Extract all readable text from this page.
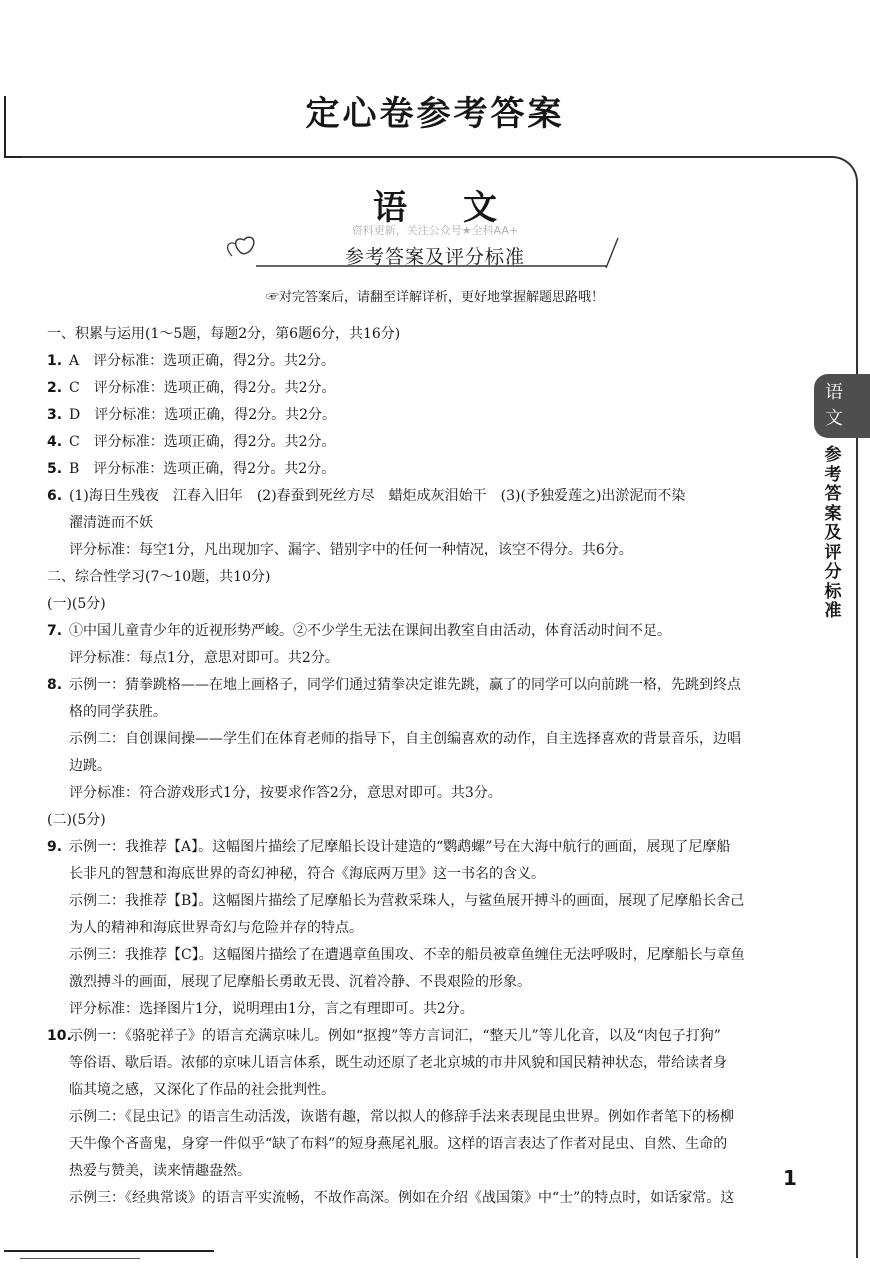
定心卷参考答案
语文
资料更新，关注公众号★全科AA+
参考答案及评分标准
☞对完答案后，请翻至详解详析，更好地掌握解题思路哦！
一、积累与运用(1～5题，每题2分，第6题6分，共16分)
1. A　评分标准：选项正确，得2分。共2分。
2. C　评分标准：选项正确，得2分。共2分。
3. D　评分标准：选项正确，得2分。共2分。
4. C　评分标准：选项正确，得2分。共2分。
5. B　评分标准：选项正确，得2分。共2分。
6. (1)海日生残夜　江春入旧年　(2)春蚕到死丝方尽　蜡炬成灰泪始干　(3)(予独爱莲之)出淤泥而不染
濯清涟而不妖
评分标准：每空1分，凡出现加字、漏字、错别字中的任何一种情况，该空不得分。共6分。
二、综合性学习(7～10题，共10分)
(一)(5分)
7. ①中国儿童青少年的近视形势严峻。②不少学生无法在课间出教室自由活动，体育活动时间不足。
评分标准：每点1分，意思对即可。共2分。
8. 示例一：猜拳跳格——在地上画格子，同学们通过猜拳决定谁先跳，赢了的同学可以向前跳一格，先跳到终点
格的同学获胜。
示例二：自创课间操——学生们在体育老师的指导下，自主创编喜欢的动作，自主选择喜欢的背景音乐，边唱
边跳。
评分标准：符合游戏形式1分，按要求作答2分，意思对即可。共3分。
(二)(5分)
9. 示例一：我推荐【A】。这幅图片描绘了尼摩船长设计建造的“鹦鹉螺”号在大海中航行的画面，展现了尼摩船
长非凡的智慧和海底世界的奇幻神秘，符合《海底两万里》这一书名的含义。
示例二：我推荐【B】。这幅图片描绘了尼摩船长为营救采珠人，与鲨鱼展开搏斗的画面，展现了尼摩船长舍己
为人的精神和海底世界奇幻与危险并存的特点。
示例三：我推荐【C】。这幅图片描绘了在遭遇章鱼围攻、不幸的船员被章鱼缠住无法呼吸时，尼摩船长与章鱼
激烈搏斗的画面，展现了尼摩船长勇敢无畏、沉着冷静、不畏艰险的形象。
评分标准：选择图片1分，说明理由1分，言之有理即可。共2分。
10.示例一：《骆驼祥子》的语言充满京味儿。例如“抠搜”等方言词汇，“整天儿”等儿化音，以及“肉包子打狗”
等俗语、歇后语。浓郁的京味儿语言体系，既生动还原了老北京城的市井风貌和国民精神状态，带给读者身
临其境之感，又深化了作品的社会批判性。
示例二：《昆虫记》的语言生动活泼，诙谐有趣，常以拟人的修辞手法来表现昆虫世界。例如作者笔下的杨柳
天牛像个吝啬鬼，身穿一件似乎“缺了布料”的短身燕尾礼服。这样的语言表达了作者对昆虫、自然、生命的
热爱与赞美，读来情趣盎然。
示例三：《经典常谈》的语言平实流畅，不故作高深。例如在介绍《战国策》中“士”的特点时，如话家常。这
语文
参考答案及评分标准
1
